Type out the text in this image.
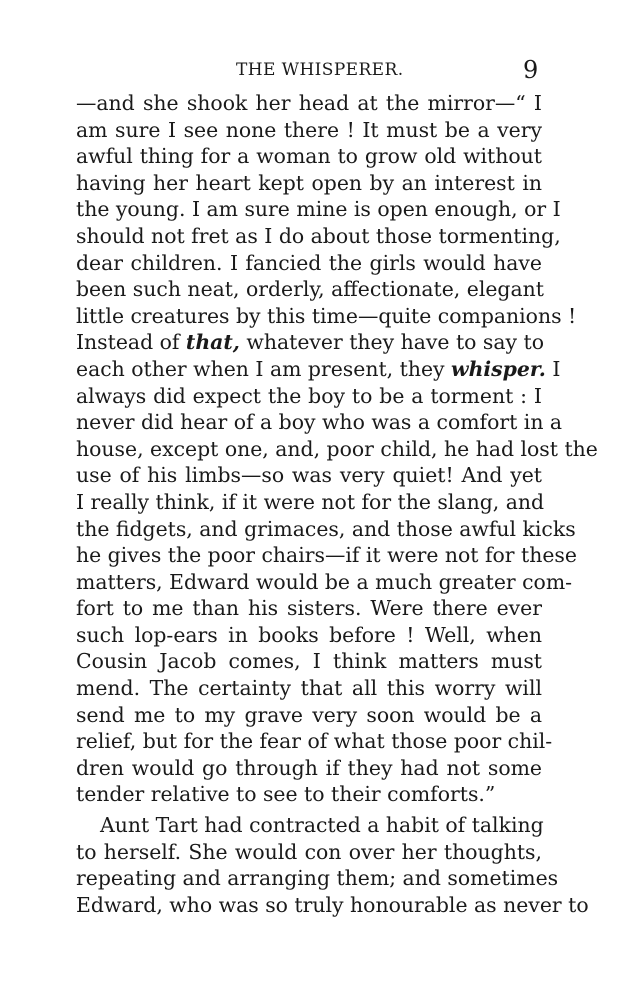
THE WHISPERER.	9
—and she shook her head at the mirror—“ I
am sure I see none there ! It must be a very
awful thing for a woman to grow old without
having her heart kept open by an interest in
the young. I am sure mine is open enough, or I
should not fret as I do about those tormenting,
dear children. I fancied the girls would have
been such neat, orderly, affectionate, elegant
little creatures by this time—quite companions !
Instead of that, whatever they have to say to
each other when I am present, they whisper. I
always did expect the boy to be a torment : I
never did hear of a boy who was a comfort in a
house, except one, and, poor child, he had lost the
use of his limbs—so was very quiet! And yet
I really think, if it were not for the slang, and
the fidgets, and grimaces, and those awful kicks
he gives the poor chairs—if it were not for these
matters, Edward would be a much greater com-
fort to me than his sisters. Were there ever
such lop-ears in books before ! Well, when
Cousin Jacob comes, I think matters must
mend. The certainty that all this worry will
send me to my grave very soon would be a
relief, but for the fear of what those poor chil-
dren would go through if they had not some
tender relative to see to their comforts.”
Aunt Tart had contracted a habit of talking
to herself. She would con over her thoughts,
repeating and arranging them; and sometimes
Edward, who was so truly honourable as never to
